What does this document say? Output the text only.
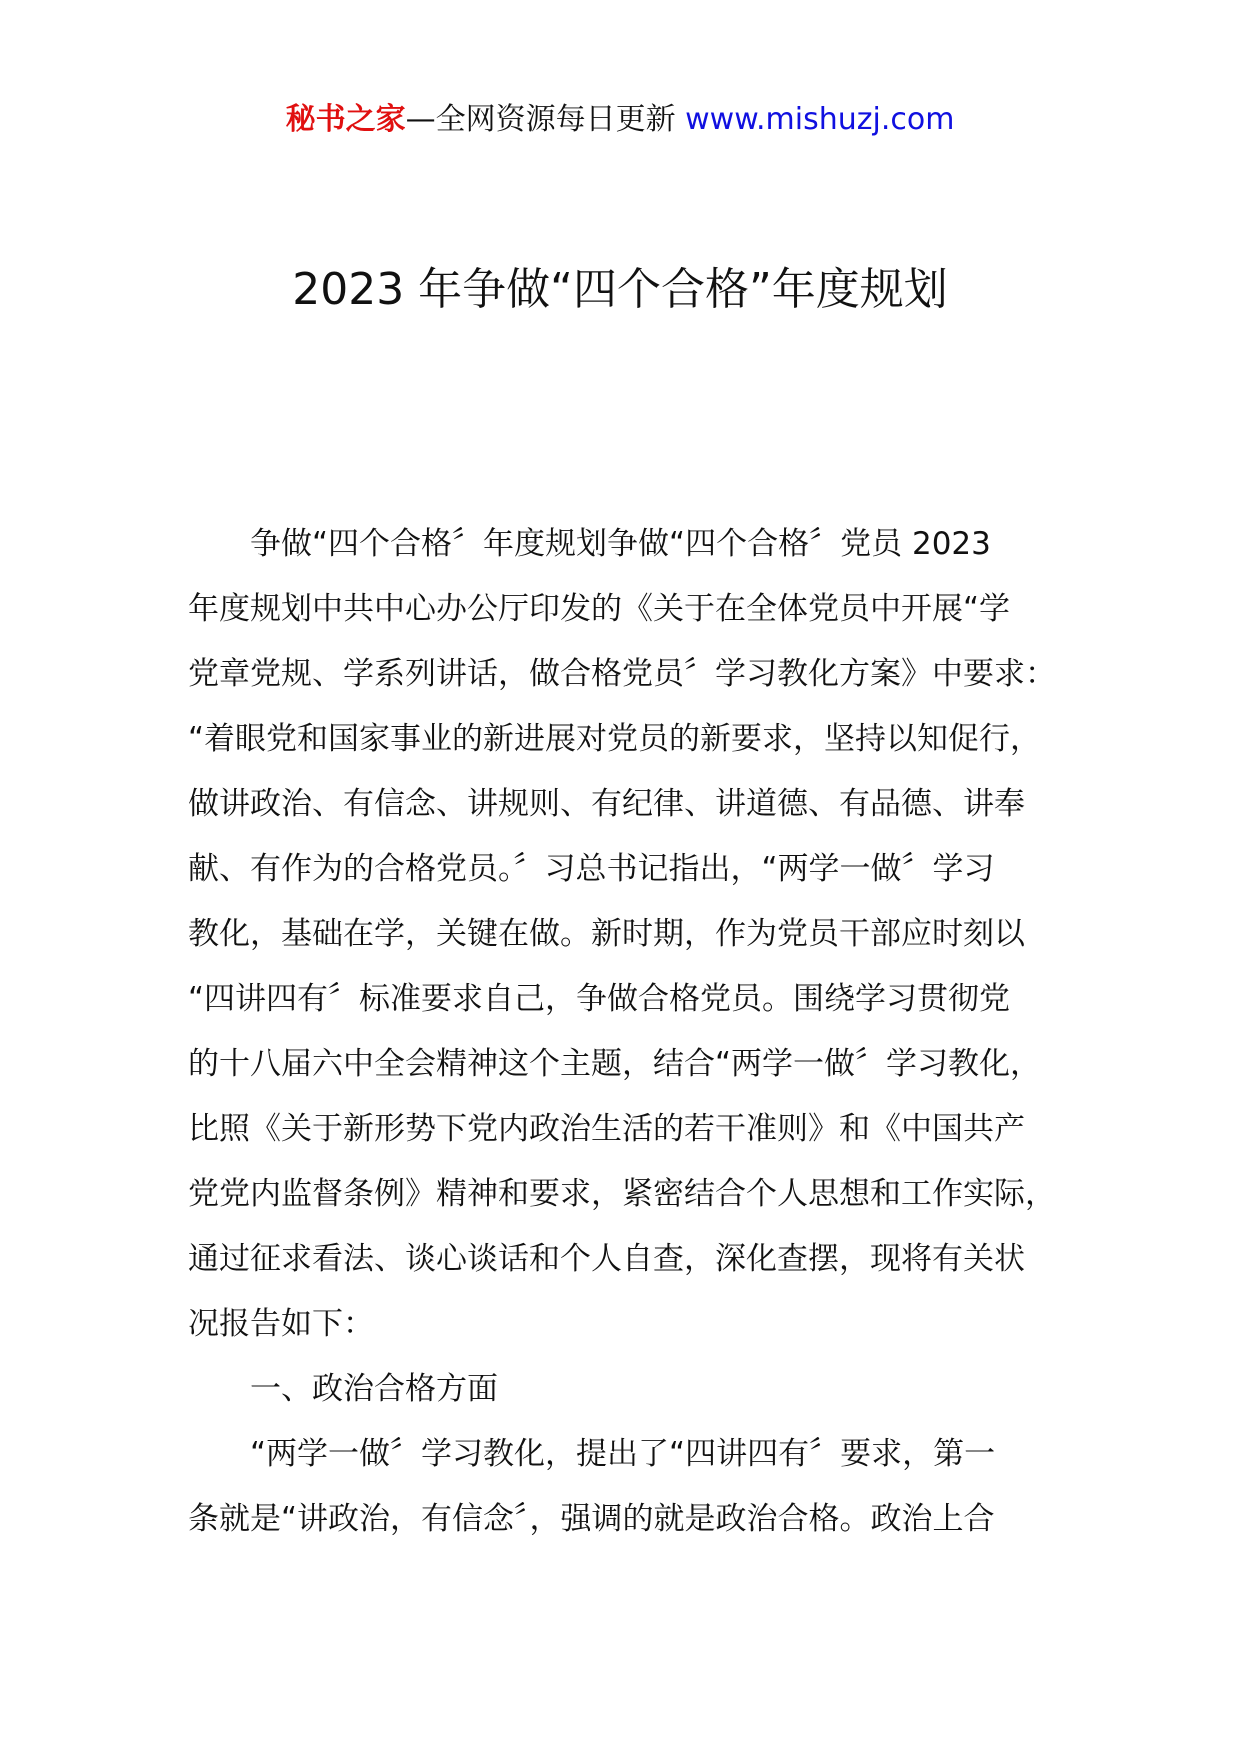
秘书之家—全网资源每日更新 www.mishuzj.com
2023 年争做“四个合格”年度规划
争做“四个合格〞年度规划争做“四个合格〞党员 2023
年度规划中共中心办公厅印发的《关于在全体党员中开展“学
党章党规、学系列讲话，做合格党员〞学习教化方案》中要求：
“着眼党和国家事业的新进展对党员的新要求，坚持以知促行，
做讲政治、有信念、讲规则、有纪律、讲道德、有品德、讲奉
献、有作为的合格党员。〞习总书记指出，“两学一做〞学习
教化，基础在学，关键在做。新时期，作为党员干部应时刻以
“四讲四有〞标准要求自己，争做合格党员。围绕学习贯彻党
的十八届六中全会精神这个主题，结合“两学一做〞学习教化，
比照《关于新形势下党内政治生活的若干准则》和《中国共产
党党内监督条例》精神和要求，紧密结合个人思想和工作实际，
通过征求看法、谈心谈话和个人自查，深化查摆，现将有关状
况报告如下：
一、政治合格方面
“两学一做〞学习教化，提出了“四讲四有〞要求，第一
条就是“讲政治，有信念〞，强调的就是政治合格。政治上合
